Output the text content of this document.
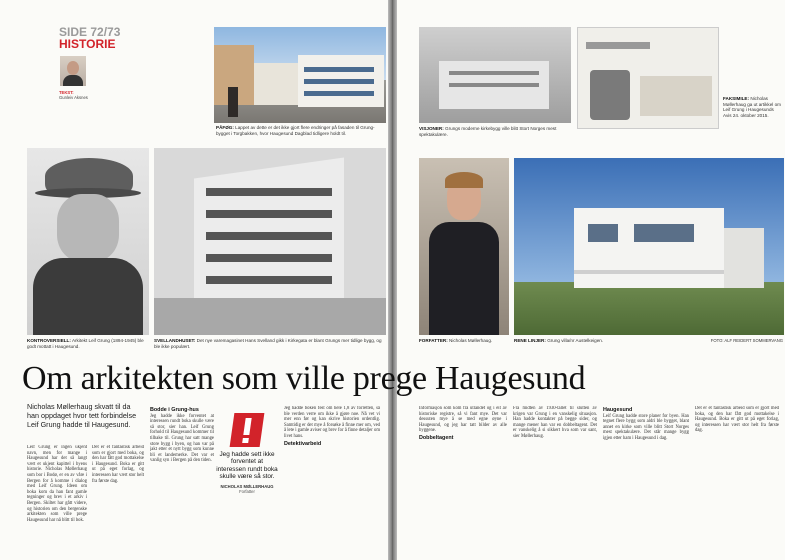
SIDE 72/73
HISTORIE
TEKST:
Gunleiv Aksnes
PÅFØG: Lappet av dette er det ikke gjort flere endringer på fasaden til Grung-bygget i Torgbakken, hvor Haugesund Dagblad tidligere holdt til.
KONTROVERSIELL: Arkitekt Leif Grung (1894-1945) ble godt mottatt i Haugesund.
SVELLANDHUSET: Det nye varemagasinet Hans Svelland gikk i Kirkegata er blant Grungs mer tidlige bygg, og ble ikke populært.
Nicholas Møllerhaug skvatt til da han oppdaget hvor tett forbindelse Leif Grung hadde til Haugesund.
Leif Grung er ingen ukjent navn, men for mange i Haugesund har det så langt vært et ukjent kapittel i byens historie. Nicholas Møllerhaug som bor i Bodø, er en av våre i Bergen for å komme i dialog med Leif Grung. Ideen om boka kom da han fant gamle tegninger og brev i et arkiv i Bergen. Skiltet har gått videre, og historien om den bergenske arkitekten som ville prege Haugesund har nå blitt til bok.
Det er et fantastisk arbeid som er gjort med boka, og den har fått god mottakelse i Haugesund. Boka er gitt ut på eget forlag, og interessen har vært stor helt fra første dag.
Bodde i Grung-hus
Jeg hadde ikke forventet at interessen rundt boka skulle være så stor, sier han. Leif Grung forhold til Haugesund kommer til tilbake til. Grung har satt mange store bygg i byen, og han var på jakt etter et nytt bygg som kunne bli et landemerke. Det var et vanlig syn i Bergen på den tiden.
Jeg hadde sett ikke forventet at interessen rundt boka skulle være så stor.
NICHOLAS MØLLERHAUG
Forfatter
Jeg hadde boken fest om hele 1,8 av forretten, så ble verden verre om ikke å gjøre noe. Nå vet vi mer enn før og kan skrive historien ordentlig. Samtidig er det mye å forsøke å finne mer om, ved å lete i gamle aviser og brev for å finne detaljer om livet hans.
Detektivarbeid
VISJONER: Grungs moderne kirkebygg ville blitt Stort Norges mest spektakulære.
FAKSIMILE: Nicholas Møllerhaug ga ut artikkel om Leif Grung i Haugesunds Avis 24. oktober 2015.
FORFATTER: Nicholas Møllerhaug.	RENE LINJER: Grung villa/nr Austelkeigen.	FOTO: ALF REIDERT SOMMERVANG
Informasjon som kom fra utlandet og i eit av historiske registre, så vi fant mye. Det var dessuten mye å se med egne øyne i Haugesund, og jeg har tatt bilder av alle byggene.
Dobbeltagent
Fra midten av 1930-tallet til slutten av krigen var Grung i en vanskelig situasjon. Han hadde kontakter på begge sider, og mange mener han var en dobbeltagent. Det er vanskelig å si sikkert hva som var sant, sier Møllerhaug.
Haugesund
Leif Grung hadde store planer for byen. Han tegnet flere bygg som aldri ble bygget, blant annet en kirke som ville blitt Stort Norges mest spektakulære. Det står mange bygg igjen etter ham i Haugesund i dag.
Det er et fantastisk arbeid som er gjort med boka, og den har fått god mottakelse i Haugesund. Boka er gitt ut på eget forlag, og interessen har vært stor helt fra første dag.
Om arkitekten som ville prege Haugesund
